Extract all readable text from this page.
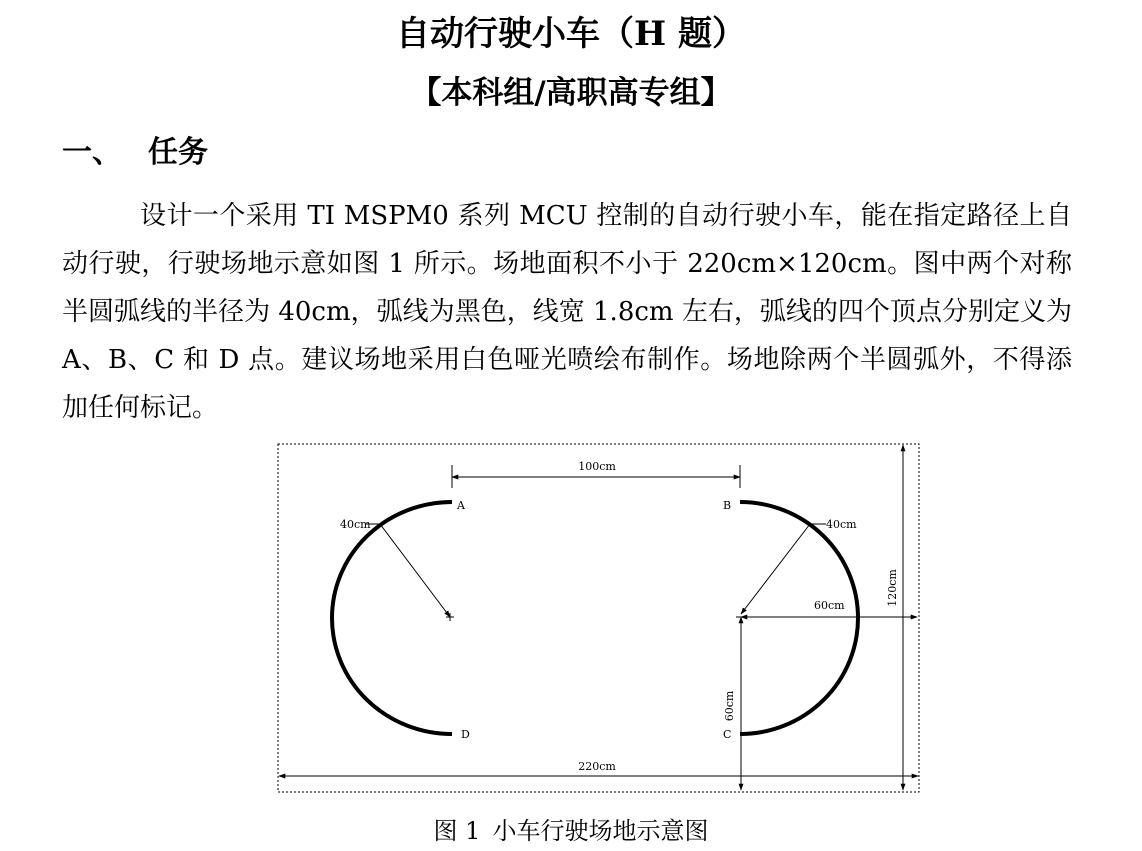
自动行驶小车（H 题）
【本科组/高职高专组】
一、 任务

设计一个采用 TI MSPM0 系列 MCU 控制的自动行驶小车，能在指定路径上自动行驶，行驶场地示意如图 1 所示。场地面积不小于 220cm×120cm。图中两个对称半圆弧线的半径为 40cm，弧线为黑色，线宽 1.8cm 左右，弧线的四个顶点分别定义为 A、B、C 和 D 点。建议场地采用白色哑光喷绘布制作。场地除两个半圆弧外，不得添加任何标记。

100cm
A	B
C
D
40cm	40cm
60cm
60cm
120cm
220cm
图 1 小车行驶场地示意图
